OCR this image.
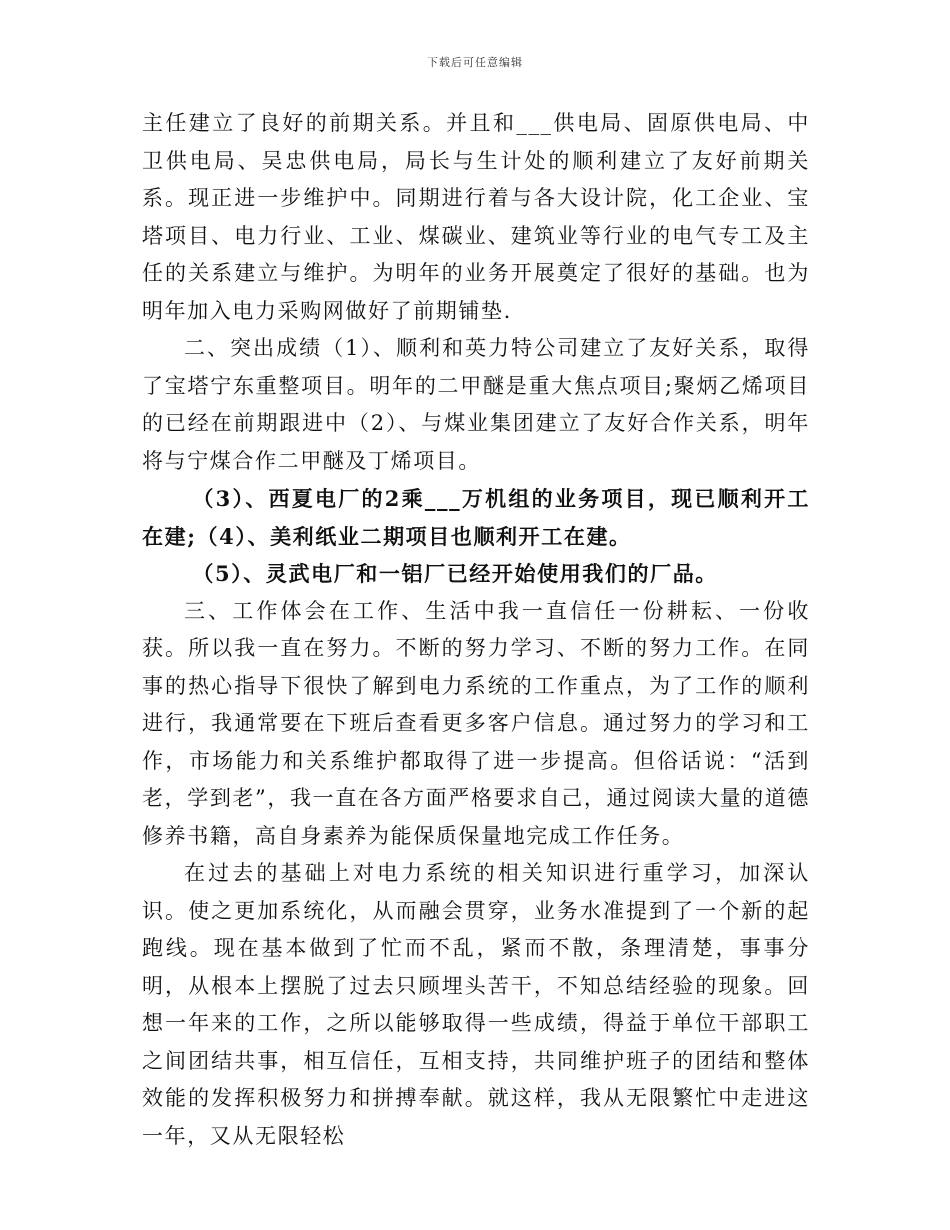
下载后可任意编辑

主任建立了良好的前期关系。并且和___供电局、固原供电局、中卫供电局、吴忠供电局，局长与生计处的顺利建立了友好前期关系。现正进一步维护中。同期进行着与各大设计院，化工企业、宝塔项目、电力行业、工业、煤碳业、建筑业等行业的电气专工及主任的关系建立与维护。为明年的业务开展奠定了很好的基础。也为明年加入电力采购网做好了前期铺垫.

二、突出成绩（1）、顺利和英力特公司建立了友好关系，取得了宝塔宁东重整项目。明年的二甲醚是重大焦点项目;聚炳乙烯项目的已经在前期跟进中（2）、与煤业集团建立了友好合作关系，明年将与宁煤合作二甲醚及丁烯项目。

（3）、西夏电厂的2乘___万机组的业务项目，现已顺利开工在建;（4）、美利纸业二期项目也顺利开工在建。

（5）、灵武电厂和一铝厂已经开始使用我们的厂品。

三、工作体会在工作、生活中我一直信任一份耕耘、一份收获。所以我一直在努力。不断的努力学习、不断的努力工作。在同事的热心指导下很快了解到电力系统的工作重点，为了工作的顺利进行，我通常要在下班后查看更多客户信息。通过努力的学习和工作，市场能力和关系维护都取得了进一步提高。但俗话说：“活到老，学到老”，我一直在各方面严格要求自己，通过阅读大量的道德修养书籍，高自身素养为能保质保量地完成工作任务。

在过去的基础上对电力系统的相关知识进行重学习，加深认识。使之更加系统化，从而融会贯穿，业务水准提到了一个新的起跑线。现在基本做到了忙而不乱，紧而不散，条理清楚，事事分明，从根本上摆脱了过去只顾埋头苦干，不知总结经验的现象。回想一年来的工作，之所以能够取得一些成绩，得益于单位干部职工之间团结共事，相互信任，互相支持，共同维护班子的团结和整体效能的发挥积极努力和拼搏奉献。就这样，我从无限繁忙中走进这一年，又从无限轻松
